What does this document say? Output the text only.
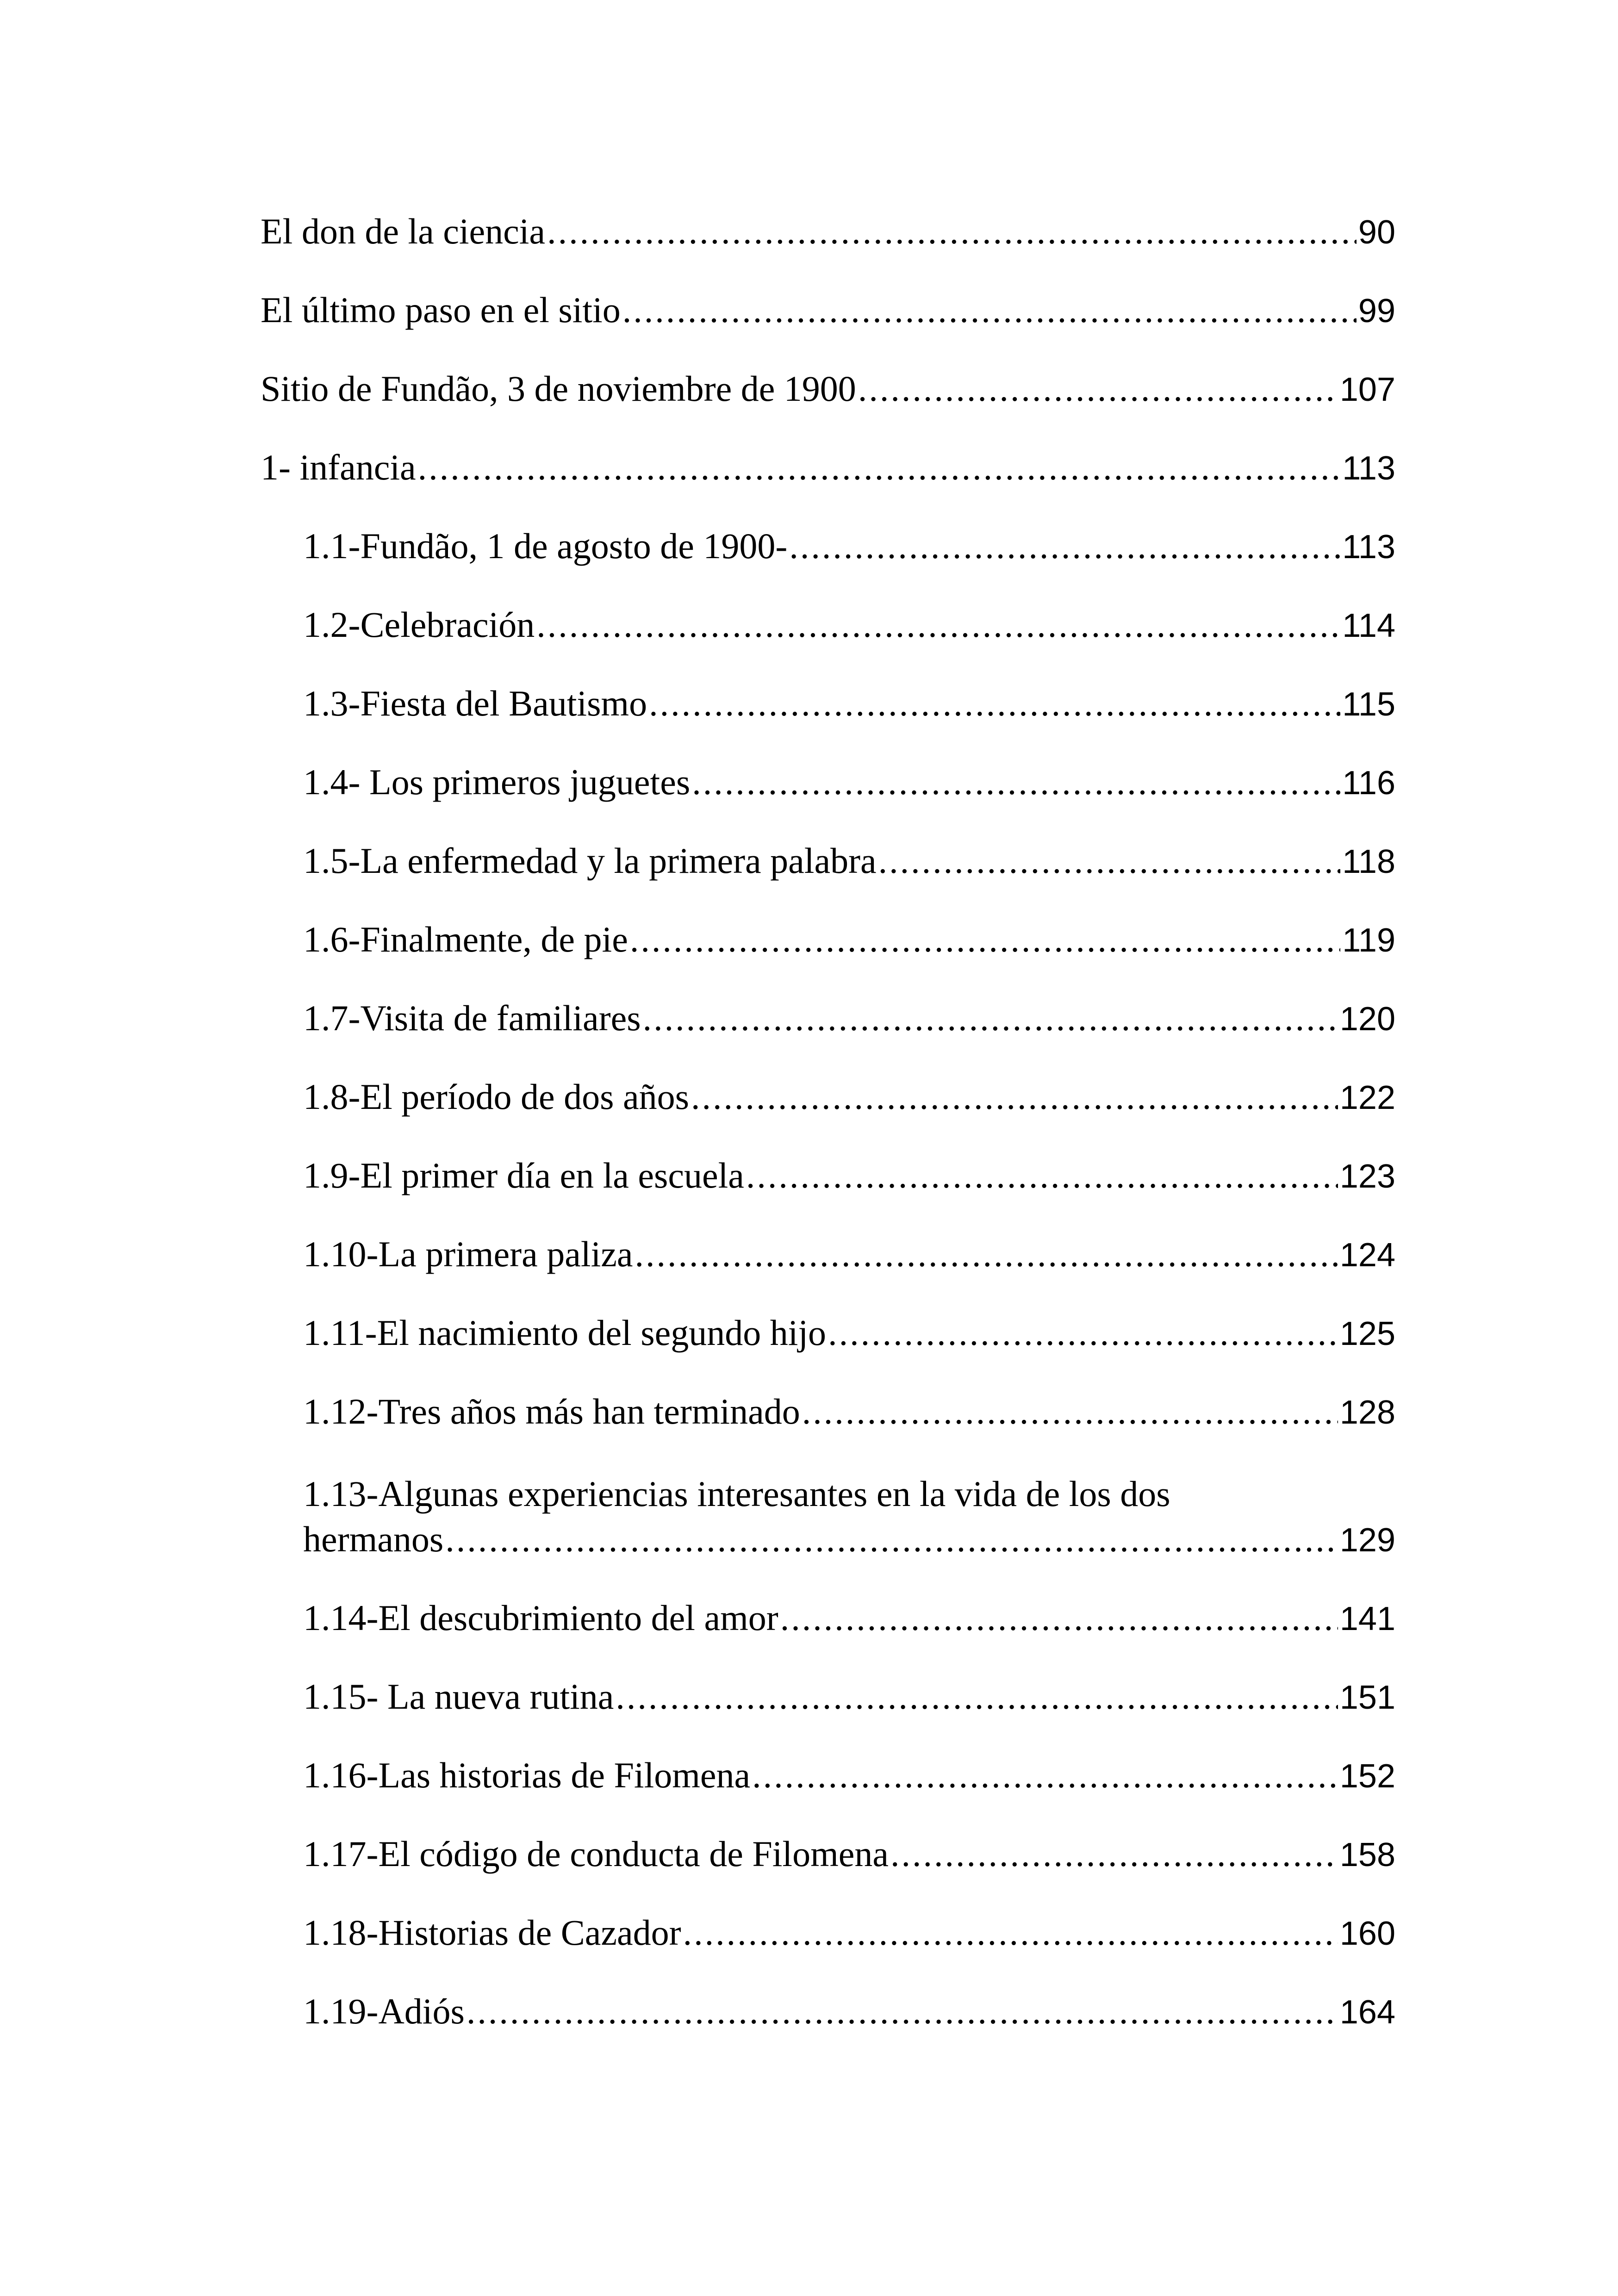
El don de la ciencia .....	90
El último paso en el sitio .....	99
Sitio de Fundão, 3 de noviembre de 1900 .....	107
1- infancia .....	113
1.1-Fundão, 1 de agosto de 1900- .....	113
1.2-Celebración .....	114
1.3-Fiesta del Bautismo .....	115
1.4- Los primeros juguetes .....	116
1.5-La enfermedad y la primera palabra .....	118
1.6-Finalmente, de pie .....	119
1.7-Visita de familiares .....	120
1.8-El período de dos años .....	122
1.9-El primer día en la escuela .....	123
1.10-La primera paliza .....	124
1.11-El nacimiento del segundo hijo .....	125
1.12-Tres años más han terminado .....	128
1.13-Algunas experiencias interesantes en la vida de los dos
hermanos .....	129
1.14-El descubrimiento del amor .....	141
1.15- La nueva rutina .....	151
1.16-Las historias de Filomena .....	152
1.17-El código de conducta de Filomena .....	158
1.18-Historias de Cazador .....	160
1.19-Adiós .....	164
